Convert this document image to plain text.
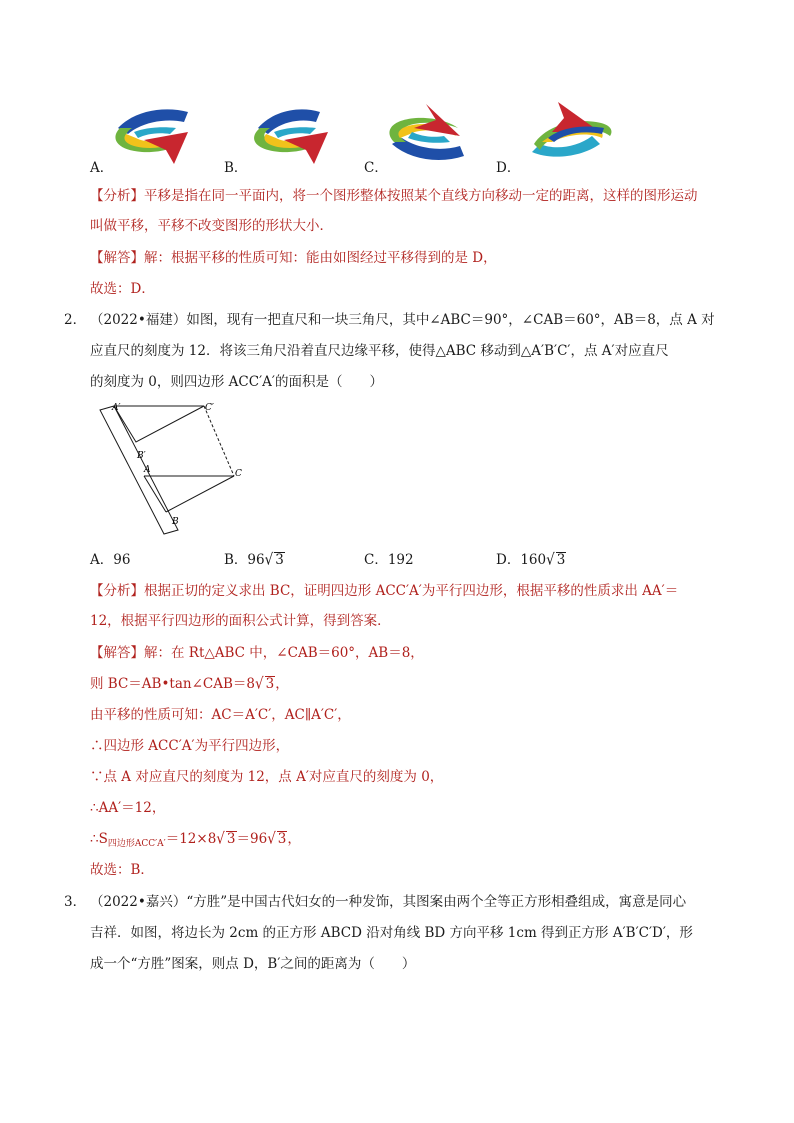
A．	B．	C．	D．
【分析】平移是指在同一平面内，将一个图形整体按照某个直线方向移动一定的距离，这样的图形运动
叫做平移，平移不改变图形的形状大小．
【解答】解：根据平移的性质可知：能由如图经过平移得到的是 D，
故选：D．
2． （2022•福建）如图，现有一把直尺和一块三角尺，其中∠ABC＝90°，∠CAB＝60°，AB＝8，点 A 对
应直尺的刻度为 12．将该三角尺沿着直尺边缘平移，使得△ABC 移动到△A′B′C′，点 A′对应直尺
的刻度为 0，则四边形 ACC′A′的面积是（　　）
A′	C′
B′
A	C
B
A．96	B．96√ 3	C．192	D．160√ 3
【分析】根据正切的定义求出 BC，证明四边形 ACC′A′为平行四边形，根据平移的性质求出 AA′＝
12，根据平行四边形的面积公式计算，得到答案．
【解答】解：在 Rt△ABC 中，∠CAB＝60°，AB＝8，
则 BC＝AB•tan∠CAB＝8√ 3，
由平移的性质可知：AC＝A′C′，AC∥A′C′，
∴四边形 ACC′A′为平行四边形，
∵点 A 对应直尺的刻度为 12，点 A′对应直尺的刻度为 0，
∴AA′＝12，
$\therefore S_{四边形ACC'A'}=12\times 8√$ 3＝96√ 3，
故选：B．
3． （2022•嘉兴）“方胜”是中国古代妇女的一种发饰，其图案由两个全等正方形相叠组成，寓意是同心
吉祥．如图，将边长为 2cm 的正方形 ABCD 沿对角线 BD 方向平移 1cm 得到正方形 A′B′C′D′，形
成一个“方胜”图案，则点 D，B′之间的距离为（　　）
